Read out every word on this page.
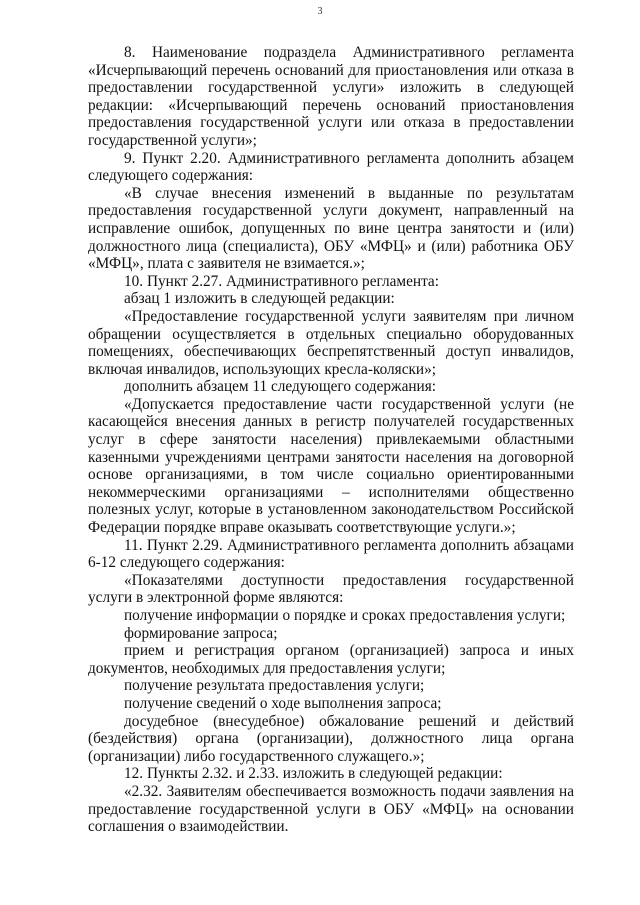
3

8. Наименование подраздела Административного регламента «Исчерпывающий перечень оснований для приостановления или отказа в предоставлении государственной услуги» изложить в следующей редакции: «Исчерпывающий перечень оснований приостановления предоставления государственной услуги или отказа в предоставлении государственной услуги»;

9. Пункт 2.20. Административного регламента дополнить абзацем следующего содержания:

«В случае внесения изменений в выданные по результатам предоставления государственной услуги документ, направленный на исправление ошибок, допущенных по вине центра занятости и (или) должностного лица (специалиста), ОБУ «МФЦ» и (или) работника ОБУ «МФЦ», плата с заявителя не взимается.»;

10. Пункт 2.27. Административного регламента:

абзац 1 изложить в следующей редакции:

«Предоставление государственной услуги заявителям при личном обращении осуществляется в отдельных специально оборудованных помещениях, обеспечивающих беспрепятственный доступ инвалидов, включая инвалидов, использующих кресла-коляски»;

дополнить абзацем 11 следующего содержания:

«Допускается предоставление части государственной услуги (не касающейся внесения данных в регистр получателей государственных услуг в сфере занятости населения) привлекаемыми областными казенными учреждениями центрами занятости населения на договорной основе организациями, в том числе социально ориентированными некоммерческими организациями – исполнителями общественно полезных услуг, которые в установленном законодательством Российской Федерации порядке вправе оказывать соответствующие услуги.»;

11. Пункт 2.29. Административного регламента дополнить абзацами 6-12 следующего содержания:

«Показателями доступности предоставления государственной услуги в электронной форме являются:

получение информации о порядке и сроках предоставления услуги;

формирование запроса;

прием и регистрация органом (организацией) запроса и иных документов, необходимых для предоставления услуги;

получение результата предоставления услуги;

получение сведений о ходе выполнения запроса;

досудебное (внесудебное) обжалование решений и действий (бездействия) органа (организации), должностного лица органа (организации) либо государственного служащего.»;

12. Пункты 2.32. и 2.33. изложить в следующей редакции:

«2.32. Заявителям обеспечивается возможность подачи заявления на предоставление государственной услуги в ОБУ «МФЦ» на основании соглашения о взаимодействии.
